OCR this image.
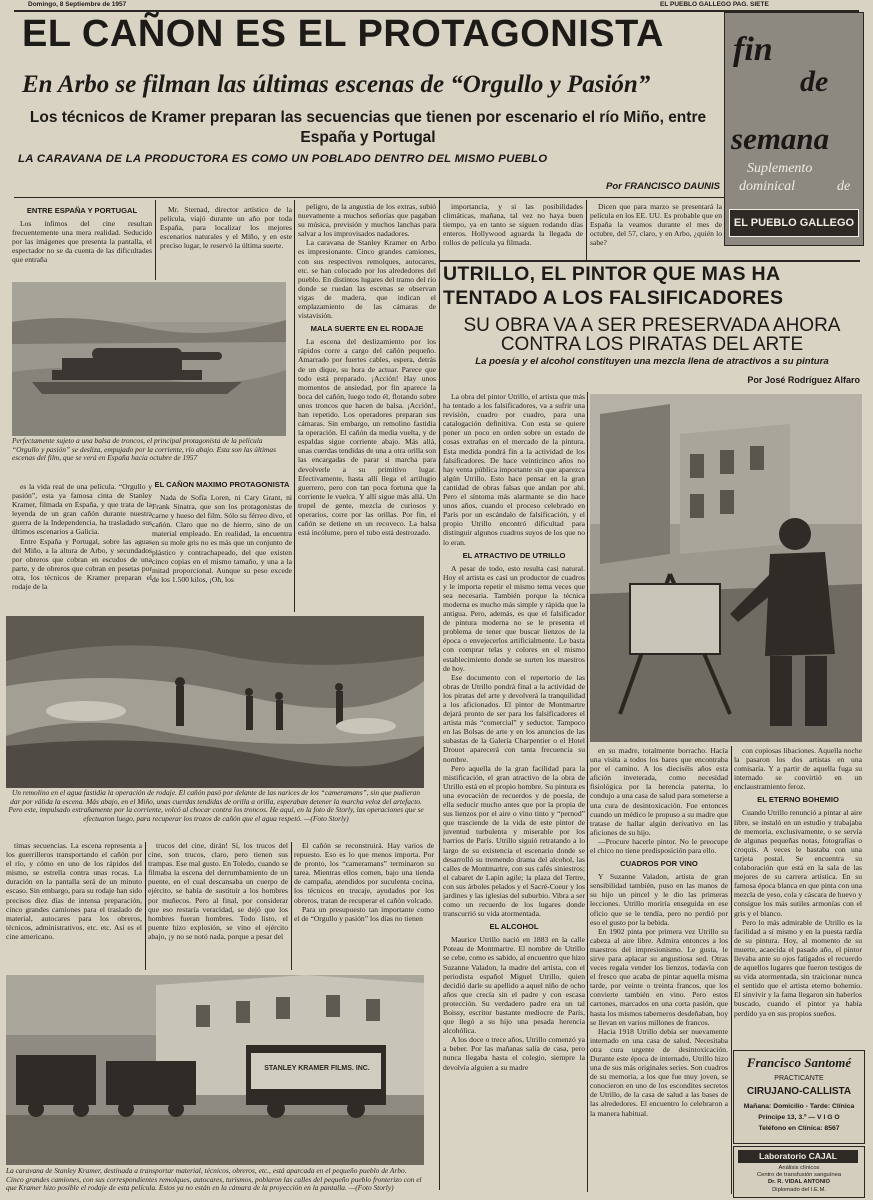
Domingo, 8 Septiembre de 1957	EL PUEBLO GALLEGO PAG. SIETE
EL CAÑON ES EL PROTAGONISTA
En Arbo se filman las últimas escenas de “Orgullo y Pasión”
Los técnicos de Kramer preparan las secuencias que tienen por escenario el río Miño, entre España y Portugal
LA CARAVANA DE LA PRODUCTORA ES COMO UN POBLADO DENTRO DEL MISMO PUEBLO
Por FRANCISCO DAUNIS
fin
de
semana
Suplemento
dominical	de
EL PUEBLO GALLEGO
ENTRE ESPAÑA Y PORTUGAL

Los ínfimos del cine resultan frecuentemente una mera realidad. Seducido por las imágenes que presenta la pantalla, el espectador no se da cuenta de las dificultades que entraña

Mr. Sternad, director artístico de la película, viajó durante un año por toda España, para localizar los mejores escenarios naturales y el Miño, y en este preciso lugar, le reservó la última suerte.

Perfectamente sujeto a una balsa de troncos, el principal protagonista de la película “Orgullo y pasión” se desliza, empujado por la corriente, río abajo. Esta son las últimas escenas del film, que se verá en España hacia octubre de 1957

es la vida real de una película. “Orgullo y pasión”, esta ya famosa cinta de Stanley Kramer, filmada en España, y que trata de la leyenda de un gran cañón durante nuestra guerra de la Independencia, ha trasladado sus últimos escenarios a Galicia.

Entre España y Portugal, sobre las aguas del Miño, a la altura de Arbo, y secundados por obreros que cobran en escudos de una parte, y de obreros que cobran en pesetas por otra, los técnicos de Kramer preparan el rodaje de la

EL CAÑON MAXIMO PROTAGONISTA

Nada de Sofía Loren, ni Cary Grant, ni Frank Sinatra, que son los protagonistas de carne y hueso del film. Sólo su férreo divo, el cañón. Claro que no de hierro, sino de un material empleado. En realidad, la encuentra en su mole gris no es más que un conjunto de plástico y contrachapeado, del que existen cinco copias en el mismo tamaño, y una a la mitad proporcional. Aunque su peso excede de los 1.500 kilos, ¡Oh, los

peligro, de la angustia de los extras, subió nuevamente a muchos señorías que pagaban su música, previsión y muchos lanchas para salvar a los improvisados nadadores.

La caravana de Stanley Kramer en Arbo es impresionante. Cinco grandes camiones, con sus respectivos remolques, autocares, etc. se han colocado por los alrededores del pueblo. En distintos lugares del tramo del río donde se ruedan las escenas se observan vigas de madera, que indican el emplazamiento de las cámaras de vistavisión.

MALA SUERTE EN EL RODAJE

La escena del deslizamiento por los rápidos corre a cargo del cañón pequeño. Amarrado por fuertes cables, espera, detrás de un dique, su hora de actuar. Parece que todo está preparado. ¡Acción! Hay unos momentos de ansiedad, por fin aparece la boca del cañón, luego todo él, flotando sobre unos troncos que hacen de balsa. ¡Acción!, han repetido. Los operadores preparan sus cámaras. Sin embargo, un remolino fastidia la operación. El cañón da media vuelta, y de espaldas sigue corriente abajo. Más allá, unas cuerdas tendidas de una a otra orilla son las encargadas de parar si marcha para devolverle a su primitivo lugar. Efectivamente, hasta allí llega el artilugio guerrero, pero con tan poca fortuna que la corriente le vuelca. Y allí sigue más allá. Un tropel de gente, mezcla de curiosos y operarios, corre por las orillas. Por fin, el cañón se detiene en un recoveco. La balsa está incólume, pero el tubo está destrozado.

importancia, y si las posibilidades climáticas, mañana, tal vez no haya buen tiempo, ya en tanto se siguen rodando días enteros. Hollywood aguarda la llegada de rollos de película ya filmada.

Dicen que para marzo se presentará la película en los EE. UU. Es probable que en España la veamos durante el mes de octubre, del 57, claro, y en Arbo, ¿quién lo sabe?

Un remolino en el agua fastidia la operación de rodaje. El cañón pasó por delante de las narices de los “cameramans”, sin que pudieran dar por válida la escena. Más abajo, en el Miño, unas cuerdas tendidas de orilla a orilla, esperaban detener la marcha veloz del artefacto. Pero este, impulsado extrañamente por la corriente, volcó al chocar contra los troncos. He aquí, en la foto de Storly, las operaciones que se efectuaron luego, para recuperar los trozos de cañón que el agua respetó. —(Foto Storly)

tímas secuencias. La escena representa a los guerrilleros transportando el cañón por el río, y cómo en uno de los rápidos del mismo, se estrella contra unas rocas. La duración en la pantalla será de un minuto escaso. Sin embargo, para su rodaje han sido precisos diez días de intensa preparación, cinco grandes camiones para el traslado de material, autocares para los obreros, técnicos, administrativos, etc. etc. Así es el cine americano.

trucos del cine, dirán! Sí, los trucos del cine, son trucos, claro, pero tienen sus trampas. Ese mal gusto. En Toledo, cuando se filmaba la escena del derrumbamiento de un puente, en el cual descansaba un cuerpo de ejército, se había de sustituir a los hombres por muñecos. Pero al final, por considerar que eso restaría veracidad, se dejó que los hombres fueran hombres. Todo listo, el puente hizo explosión, se vino el ejército abajo, ¡y no se notó nada, porque a pesar del

El cañón se reconstruirá. Hay varios de repuesto. Eso es lo que menos importa. Por de pronto, los “cameramans” terminaron su tarea. Mientras ellos comen, bajo una tienda de campaña, atendidos por suculenta cocina, los técnicos en trucaje, ayudados por los obreros, tratan de recuperar el cañón volcado.

Para un presupuesto tan importante como el de “Orgullo y pasión” los días no tienen

STANLEY KRAMER FILMS. INC.
La caravana de Stanley Kramer, destinada a transportar material, técnicos, obreros, etc., está aparcada en el pequeño pueblo de Arbo. Cinco grandes camiones, con sus correspondientes remolques, autocares, turismos, poblaron las calles del pequeño pueblo fronterizo con el que Kramer hizo posible el rodaje de esta película. Estos ya no están en la cámara de la proyección en la pantalla. —(Foto Storly)
UTRILLO, EL PINTOR QUE MAS HA TENTADO A LOS FALSIFICADORES
SU OBRA VA A SER PRESERVADA AHORA CONTRA LOS PIRATAS DEL ARTE
La poesía y el alcohol constituyen una mezcla llena de atractivos a su pintura
Por José Rodríguez Alfaro

La obra del pintor Utrillo, el artista que más ha tentado a los falsificadores, va a sufrir una revisión, cuadro por cuadro, para una catalogación definitiva. Con esta se quiere poner un poco en orden sobre un estado de cosas extrañas en el mercado de la pintura. Esta medida pondrá fin a la actividad de los falsificadores. De hace veinticinco años no hay venta pública importante sin que aparezca algún Utrillo. Esto hace pensar en la gran cantidad de obras falsas que andan por ahí. Pero el síntoma más alarmante se dio hace unos años, cuando el proceso celebrado en París por un escándalo de falsificación, y el propio Utrillo encontró dificultad para distinguir algunos cuadros suyos de los que no lo eran.

EL ATRACTIVO DE UTRILLO

A pesar de todo, esto resulta casi natural. Hoy el artista es casi un productor de cuadros y le importa repetir el mismo tema veces que sea necesaria. También porque la técnica moderna es mucho más simple y rápida que la antigua. Pero, además, es que el falsificador de pintura moderna no se le presenta el problema de tener que buscar lienzos de la época o envejecerlos artificialmente. Le basta con comprar telas y colores en el mismo establecimiento donde se surten los maestros de hoy.

Ese documento con el repertorio de las obras de Utrillo pondrá final a la actividad de los piratas del arte y devolverá la tranquilidad a los aficionados. El pintor de Montmartre dejará pronto de ser para los falsificadores el artista más “comercial” y seductor. Tampoco en las Bolsas de arte y en los anuncios de las subastas de la Galería Charpentier o el Hotel Drouot aparecerá con tanta frecuencia su nombre.

Pero aquella de la gran facilidad para la mistificación, el gran atractivo de la obra de Utrillo está en el propio hombre. Su pintura es una evocación de recuerdos y de poesía, de ella seducir mucho antes que por la propia de sus lienzos por el aire o vino tinto y “pernod” que trasciende de la vida de este pintor de juventud turbulenta y miserable por los barrios de París. Utrillo siguió retratando a lo largo de su existencia el escenario donde se desarrolló su tremendo drama del alcohol, las calles de Montmartre, con sus cafés siniestros; el cabaret de Lapin agile; la plaza del Tertre, con sus árboles pelados y el Sacré-Coeur y los jardines y las iglesias del suburbio. Vibra a ser como un recuerdo de los lugares donde transcurrió su vida atormentada.

EL ALCOHOL

Maurice Utrillo nació en 1883 en la calle Poteau de Montmartre. El nombre de Utrillo se cebe, como es sabido, al encuentro que hizo Suzanne Valadon, la madre del artista, con el periodista español Miguel Utrillo, quien decidió darle su apellido a aquel niño de ocho años que crecía sin el padre y con escasa protección. Su verdadero padre era un tal Boissy, escritor bastante mediocre de París, que llegó a su hijo una pesada herencia alcohólica.

A los doce o trece años, Utrillo comenzó ya a beber. Por las mañanas salía de casa, pero nunca llegaba hasta el colegio, siempre la devolvía alguien a su madre

en su madre, totalmente borracho. Hacía una visita a todos los bares que encontraba por el camino. A los dieciséis años esta afición inveterada, como necesidad fisiológica por la herencia paterna, lo condujo a una casa de salud para someterse a una cura de desintoxicación. Fue entonces cuando un médico le propuso a su madre que tratase de hallar algún derivativo en las aficiones de su hijo.

—Procure hacerle pintor. No le preocupe el chico no tiene predisposición para ello.

CUADROS POR VINO

Y Suzanne Valadon, artista de gran sensibilidad también, puso en las manos de su hijo un pincel y le dio las primeras lecciones. Utrillo moriría enseguida en ese oficio que se le tendía, pero no perdió por eso el gusto por la bebida.

En 1902 pinta por primera vez Utrillo su cabeza al aire libre. Admira entonces a los maestros del impresionismo. Le gusta, le sirve para aplacar su angustiosa sed. Otras veces regala vender los lienzos, todavía con el fresco que acaba de pintar aquella misma tarde, por veinte o treinta francos, que los convierte también en vino. Pero estos cartones, marcados en una corta pasión, que hasta los mismos taberneros desdeñaban, hoy se llevan en varios millones de francos.

Hacia 1918 Utrillo debía ser nuevamente internado en una casa de salud. Necesitaba otra cura urgente de desintoxicación. Durante este época de internado, Utrillo hizo una de sus más originales series. Son cuadros de su memoria, a los que fue muy joven, se conocieron en uno de los escondites secretos de Utrillo, de la casa de salud a las bases de las alrededores. El encuentro lo celebraron a la manera habitual.

con copiosas libaciones. Aquella noche la pasaron los dos artistas en una comisaría. Y a partir de aquella fuga su internado se convirtió en un enclaustramiento feroz.

EL ETERNO BOHEMIO

Cuando Utrillo renunció a pintar al aire libre, se instaló en un estudio y trabajaba de memoria, exclusivamente, o se servía de algunas pequeñas notas, fotografías o croquis. A veces le bastaba con una tarjeta postal. Se encuentra su colaboración que está en la sala de las mejores de su carrera artística. En su famosa época blanca en que pinta con una mezcla de yeso, cola y cáscara de huevo y consigue los más sutiles armonías con el gris y el blanco.

Pero lo más admirable de Utrillo es la facilidad a sí mismo y en la puesta tardía de su pintura. Hoy, al momento de su muerte, acaecida el pasado año, el pintor llevaba ante su ojos fatigados el recuerdo de aquellos lugares que fueron testigos de su vida atormentada, sin traicionar nunca el sentido que el artista eterno bohemio. El sinvivir y la fama llegaron sin haberlos buscado, cuando el pintor ya había perdido ya en sus propios sueños.

Francisco Santomé
PRACTICANTE
CIRUJANO-CALLISTA
Mañana: Domicilio - Tarde: Clínica
Príncipe 13, 3.º — V I G O
Teléfono en Clínica: 8567
Laboratorio CAJAL
Análisis clínicos
Centro de transfusión sanguínea
Dr. R. VIDAL ANTONIO
Diplomado del I.E.M.
